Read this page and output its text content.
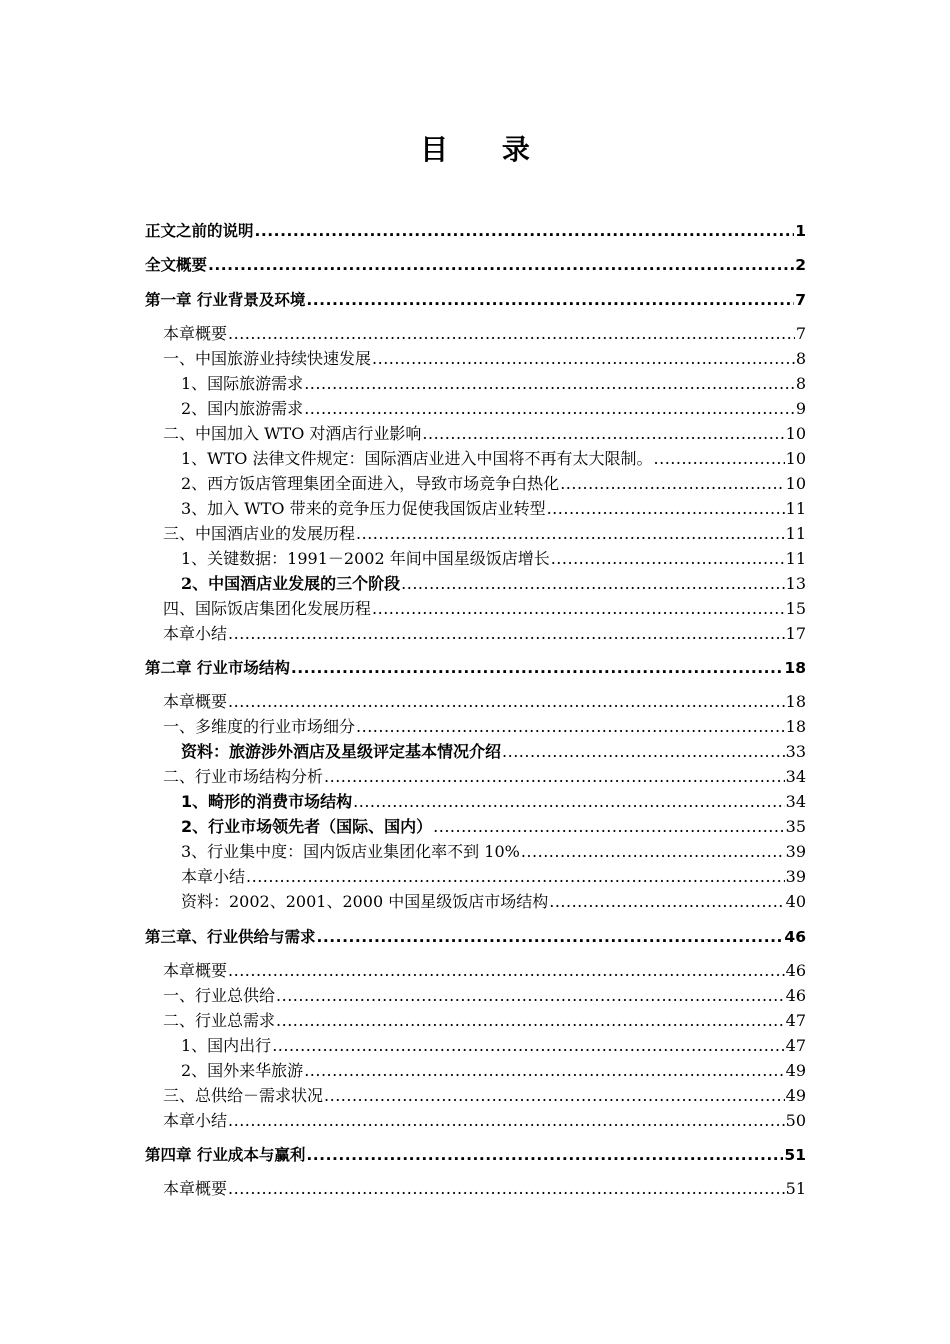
目 录
正文之前的说明 .....	1
全文概要 .....	2
第一章 行业背景及环境 .....	7
本章概要 .....	7
一、中国旅游业持续快速发展 .....	8
1、国际旅游需求 .....	8
2、国内旅游需求 .....	9
二、中国加入 WTO 对酒店行业影响 .....	10
1、WTO 法律文件规定：国际酒店业进入中国将不再有太大限制。 .....	10
2、西方饭店管理集团全面进入，导致市场竞争白热化 .....	10
3、加入 WTO 带来的竞争压力促使我国饭店业转型 .....	11
三、中国酒店业的发展历程 .....	11
1、关键数据：1991－2002 年间中国星级饭店增长 .....	11
2、中国酒店业发展的三个阶段 .....	13
四、国际饭店集团化发展历程 .....	15
本章小结 .....	17
第二章 行业市场结构 .....	18
本章概要 .....	18
一、多维度的行业市场细分 .....	18
资料：旅游涉外酒店及星级评定基本情况介绍 .....	33
二、行业市场结构分析 .....	34
1、畸形的消费市场结构 .....	34
2、行业市场领先者（国际、国内） .....	35
3、行业集中度：国内饭店业集团化率不到 10% .....	39
本章小结 .....	39
资料：2002、2001、2000 中国星级饭店市场结构 .....	40
第三章、行业供给与需求 .....	46
本章概要 .....	46
一、行业总供给 .....	46
二、行业总需求 .....	47
1、国内出行 .....	47
2、国外来华旅游 .....	49
三、总供给－需求状况 .....	49
本章小结 .....	50
第四章 行业成本与赢利 .....	51
本章概要 .....	51
